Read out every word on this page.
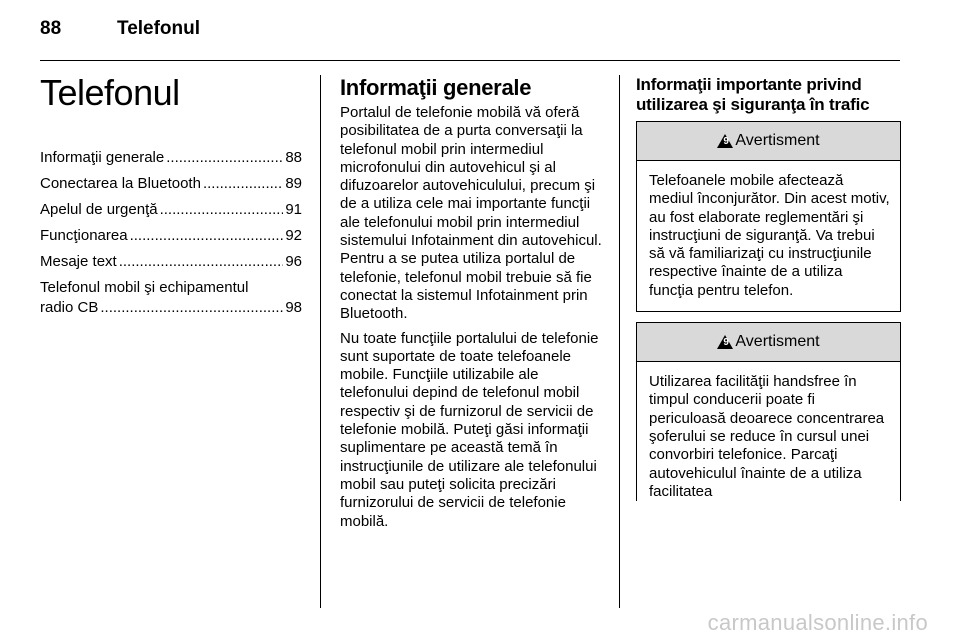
88	Telefonul
Telefonul
Informaţii generale .....	88
Conectarea la Bluetooth .....	89
Apelul de urgenţă .....	91
Funcţionarea .....	92
Mesaje text .....	96
Telefonul mobil şi echipamentul
radio CB .....	98
Informaţii generale

Portalul de telefonie mobilă vă oferă posibilitatea de a purta conversaţii la telefonul mobil prin intermediul microfonului din autovehicul şi al difuzoarelor autovehiculului, precum şi de a utiliza cele mai importante funcţii ale telefonului mobil prin intermediul sistemului Infotainment din autovehicul. Pentru a se putea utiliza portalul de telefonie, telefonul mobil trebuie să fie conectat la sistemul Infotainment prin Bluetooth.

Nu toate funcţiile portalului de telefonie sunt suportate de toate telefoanele mobile. Funcţiile utilizabile ale telefonului depind de telefonul mobil respectiv şi de furnizorul de servicii de telefonie mobilă. Puteţi găsi informaţii suplimentare pe această temă în instrucţiunile de utilizare ale telefonului mobil sau puteţi solicita precizări furnizorului de servicii de telefonie mobilă.

Informaţii importante privind utilizarea şi siguranţa în trafic
9 Avertisment
Telefoanele mobile afectează mediul înconjurător. Din acest motiv, au fost elaborate reglementări şi instrucţiuni de siguranţă. Va trebui să vă familiarizaţi cu instrucţiunile respective înainte de a utiliza funcţia pentru telefon.
9 Avertisment
Utilizarea facilităţii handsfree în timpul conducerii poate fi periculoasă deoarece concentrarea şoferului se reduce în cursul unei convorbiri telefonice. Parcaţi autovehiculul înainte de a utiliza facilitatea
carmanualsonline.info
